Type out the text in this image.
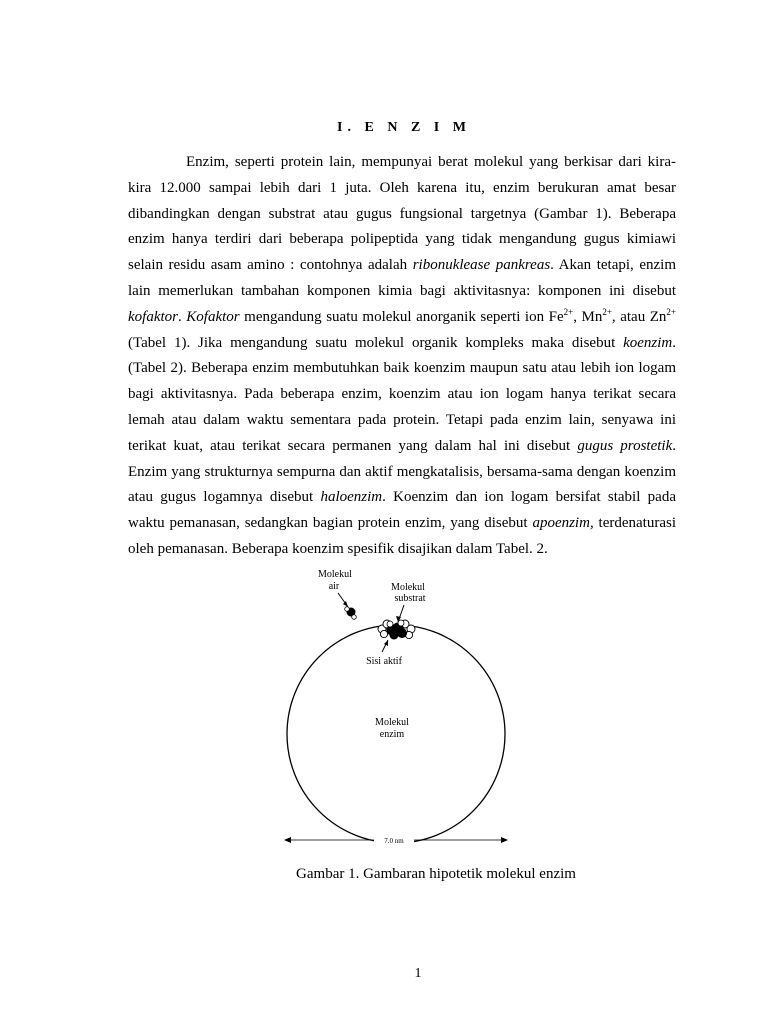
I. E N Z I M

Enzim, seperti protein lain, mempunyai berat molekul yang berkisar dari kira-kira 12.000 sampai lebih dari 1 juta. Oleh karena itu, enzim berukuran amat besar dibandingkan dengan substrat atau gugus fungsional targetnya (Gambar 1). Beberapa enzim hanya terdiri dari beberapa polipeptida yang tidak mengandung gugus kimiawi selain residu asam amino : contohnya adalah ribonuklease pankreas. Akan tetapi, enzim lain memerlukan tambahan komponen kimia bagi aktivitasnya: komponen ini disebut kofaktor. Kofaktor mengandung suatu molekul anorganik seperti ion $Fe^{2+}$, $Mn^{2+}$, atau $Zn^{2+}$ (Tabel 1). Jika mengandung suatu molekul organik kompleks maka disebut koenzim. (Tabel 2). Beberapa enzim membutuhkan baik koenzim maupun satu atau lebih ion logam bagi aktivitasnya. Pada beberapa enzim, koenzim atau ion logam hanya terikat secara lemah atau dalam waktu sementara pada protein. Tetapi pada enzim lain, senyawa ini terikat kuat, atau terikat secara permanen yang dalam hal ini disebut gugus prostetik. Enzim yang strukturnya sempurna dan aktif mengkatalisis, bersama-sama dengan koenzim atau gugus logamnya disebut haloenzim. Koenzim dan ion logam bersifat stabil pada waktu pemanasan, sedangkan bagian protein enzim, yang disebut apoenzim, terdenaturasi oleh pemanasan. Beberapa koenzim spesifik disajikan dalam Tabel. 2.

Molekul
air	Molekul
substrat
Sisi aktif
Molekul
enzim
7.0 nm
Gambar 1. Gambaran hipotetik molekul enzim
1
